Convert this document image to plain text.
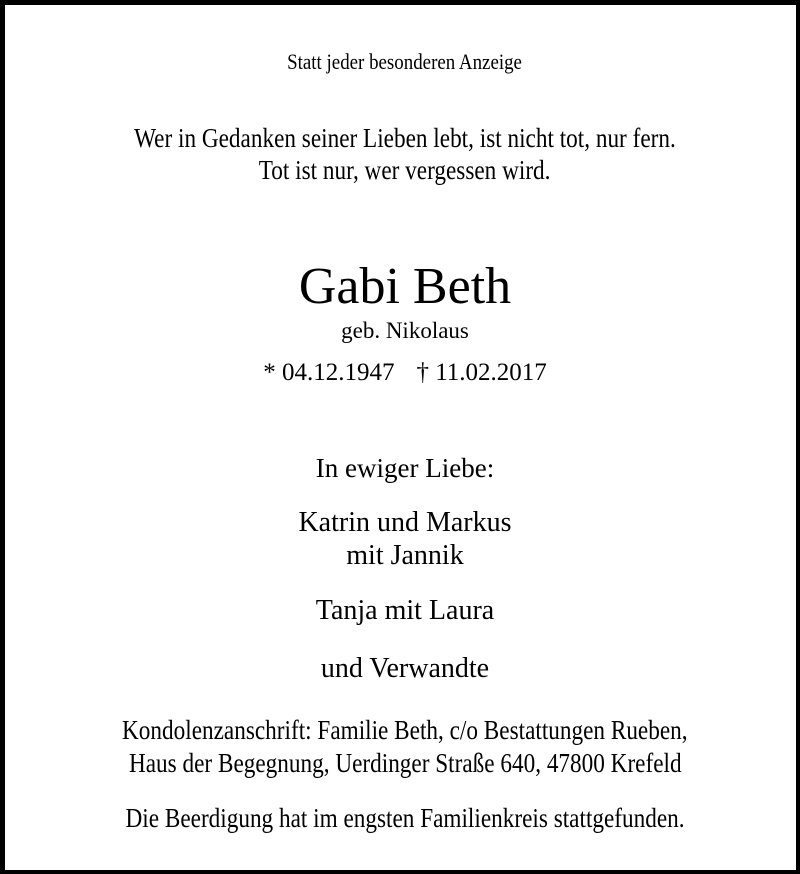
Statt jeder besonderen Anzeige
Wer in Gedanken seiner Lieben lebt, ist nicht tot, nur fern.
Tot ist nur, wer vergessen wird.
Gabi Beth
geb. Nikolaus
* 04.12.1947 † 11.02.2017
In ewiger Liebe:
Katrin und Markus
mit Jannik
Tanja mit Laura
und Verwandte
Kondolenzanschrift: Familie Beth, c/o Bestattungen Rueben,
Haus der Begegnung, Uerdinger Straße 640, 47800 Krefeld
Die Beerdigung hat im engsten Familienkreis stattgefunden.
